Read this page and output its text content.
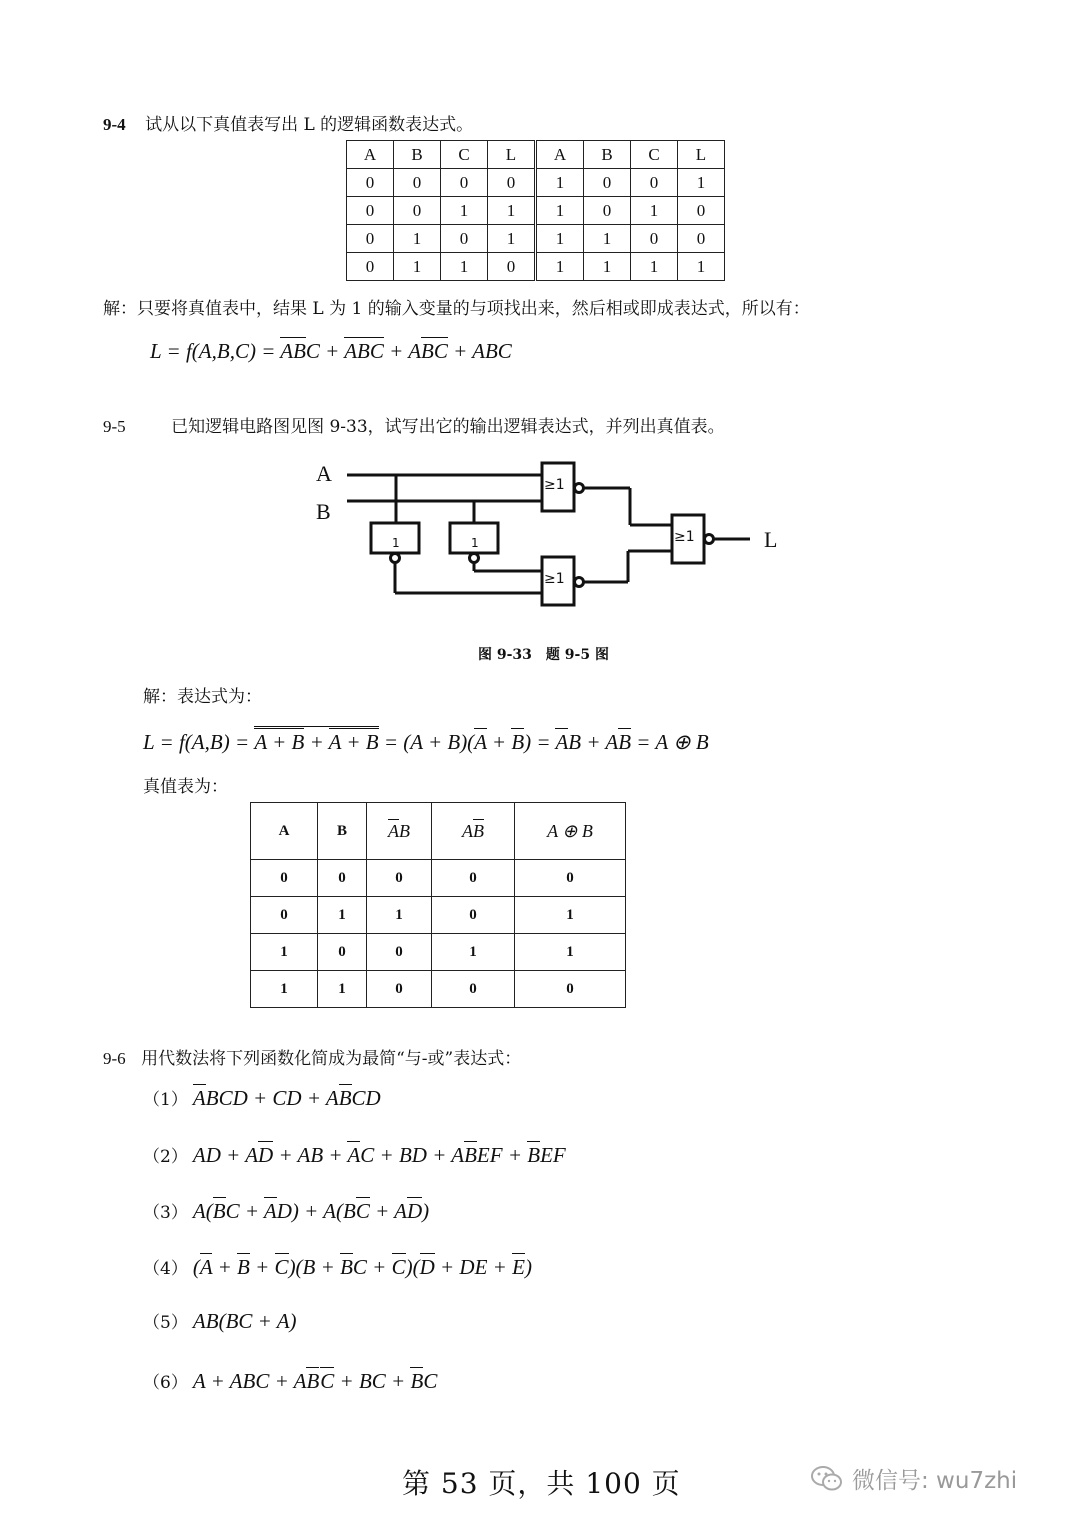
9-4 试从以下真值表写出 L 的逻辑函数表达式。
A	B	C	L	A	B	C	L
0	0	0	0	1	0	0	1
0	0	1	1	1	0	1	0
0	1	0	1	1	1	0	0
0	1	1	0	1	1	1	1
解：只要将真值表中，结果 L 为 1 的输入变量的与项找出来，然后相或即成表达式，所以有：
L = f(A,B,C) = ABC + ABC + ABC + ABC
9-5	已知逻辑电路图见图 9-33，试写出它的输出逻辑表达式，并列出真值表。
A
B
L
≥1
≥1
≥1
1	1
图 9-33　题 9-5 图
解：表达式为：
L = f(A,B) = A + B + A + B = (A + B)(A + B) = AB + AB = A ⊕ B
真值表为：
A	B	AB	AB	A ⊕ B
0	0	0	0	0
0	1	1	0	1
1	0	0	1	1
1	1	0	0	0
9-6 用代数法将下列函数化简成为最简“与-或”表达式：
（1） ABCD + CD + ABCD
（2） AD + AD + AB + AC + BD + ABEF + BEF
（3） A(BC + AD) + A(BC + AD)
（4） (A + B + C)(B + BC + C)(D + DE + E)
（5） AB(BC + A)
（6） A + ABC + ABC + BC + BC
第 53 页，共 100 页	微信号: wu7zhi
